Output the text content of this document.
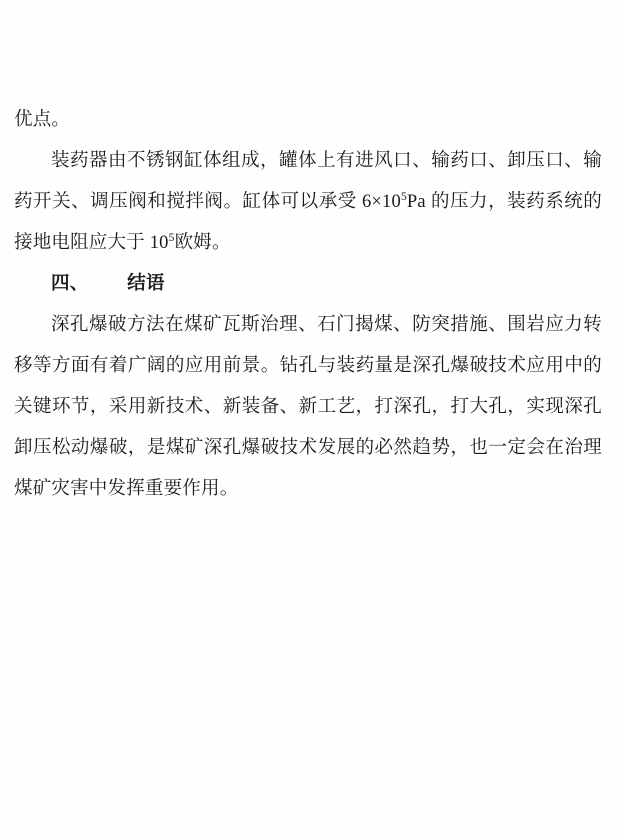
优点。

装药器由不锈钢缸体组成，罐体上有进风口、输药口、卸压口、输药开关、调压阀和搅拌阀。缸体可以承受 $6\times 10^5Pa$ 的压力，装药系统的接地电阻应大于 $10^5$欧姆。

四、 结语

深孔爆破方法在煤矿瓦斯治理、石门揭煤、防突措施、围岩应力转移等方面有着广阔的应用前景。钻孔与装药量是深孔爆破技术应用中的关键环节，采用新技术、新装备、新工艺，打深孔，打大孔，实现深孔卸压松动爆破，是煤矿深孔爆破技术发展的必然趋势，也一定会在治理煤矿灾害中发挥重要作用。
